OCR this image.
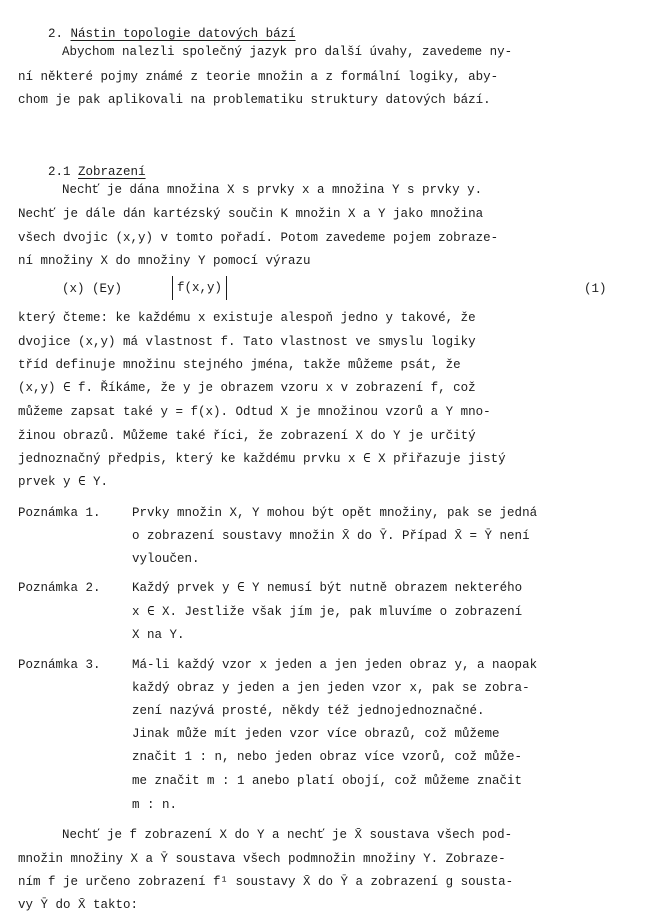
2. Nástin topologie datových bází

Abychom nalezli společný jazyk pro další úvahy, zavedeme ny-
ní některé pojmy známé z teorie množin a z formální logiky, aby-
chom je pak aplikovali na problematiku struktury datových bází.

2.1 Zobrazení

Nechť je dána množina X s prvky x a množina Y s prvky y.
Nechť je dále dán kartézský součin K množin X a Y jako množina
všech dvojic (x,y) v tomto pořadí. Potom zavedeme pojem zobraze-
ní množiny X do množiny Y pomocí výrazu
(x) (Ey)	f(x,y)	(1)
který čteme: ke každému x existuje alespoň jedno y takové, že
dvojice (x,y) má vlastnost f. Tato vlastnost ve smyslu logiky
tříd definuje množinu stejného jména, takže můžeme psát, že
(x,y) ∈ f. Říkáme, že y je obrazem vzoru x v zobrazení f, což
můžeme zapsat také y = f(x). Odtud X je množinou vzorů a Y mno-
žinou obrazů. Můžeme také říci, že zobrazení X do Y je určitý
jednoznačný předpis, který ke každému prvku x ∈ X přiřazuje jistý
prvek y ∈ Y.
Poznámka 1.	Prvky množin X, Y mohou být opět množiny, pak se jedná
o zobrazení soustavy množin X̄ do Ȳ. Případ X̄ = Ȳ není
vyloučen.
Poznámka 2.	Každý prvek y ∈ Y nemusí být nutně obrazem nekterého
x ∈ X. Jestliže však jím je, pak mluvíme o zobrazení
X na Y.
Poznámka 3.	Má-li každý vzor x jeden a jen jeden obraz y, a naopak
každý obraz y jeden a jen jeden vzor x, pak se zobra-
zení nazývá prosté, někdy též jednojednoznačné.
Jinak může mít jeden vzor více obrazů, což můžeme
značit 1 : n, nebo jeden obraz více vzorů, což může-
me značit m : 1 anebo platí obojí, což můžeme značit
m : n.
Nechť je f zobrazení X do Y a nechť je X̄ soustava všech pod-
množin množiny X a Ȳ soustava všech podmnožin množiny Y. Zobraze-
ním f je určeno zobrazení f¹ soustavy X̄ do Ȳ a zobrazení g sousta-
vy Ȳ do X̄ takto:
